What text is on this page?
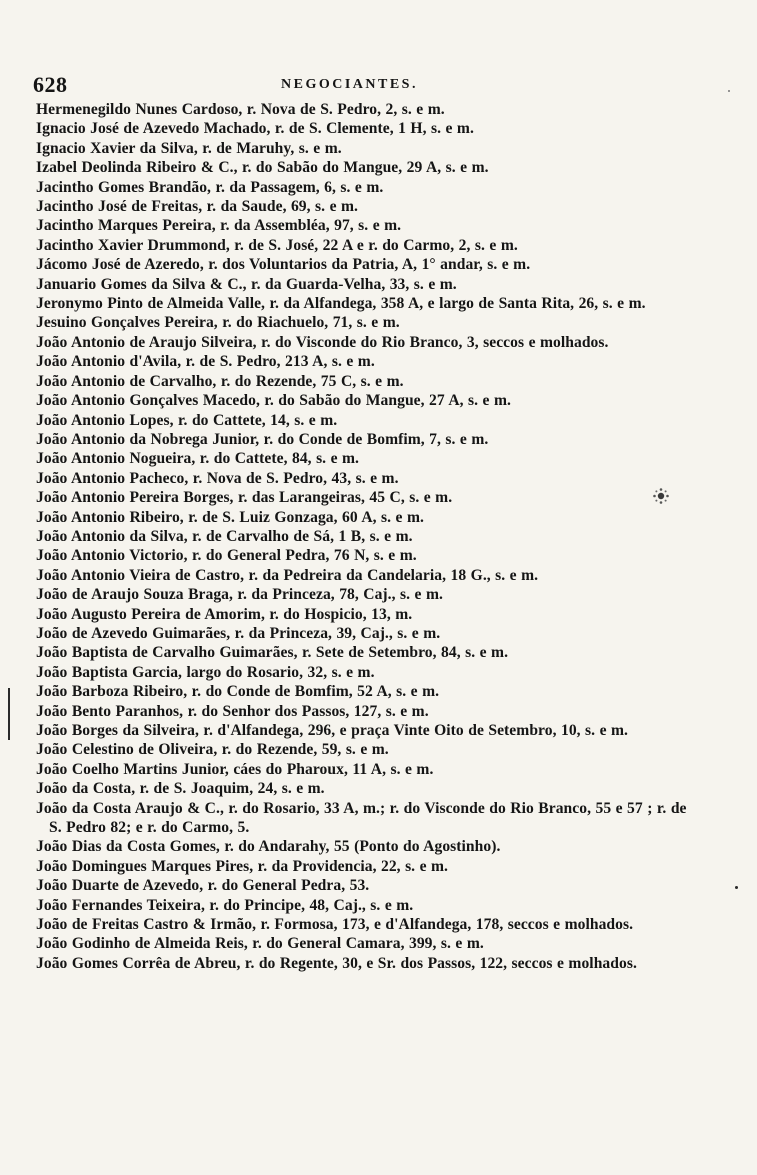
628	NEGOCIANTES.

Hermenegildo Nunes Cardoso, r. Nova de S. Pedro, 2, s. e m.

Ignacio José de Azevedo Machado, r. de S. Clemente, 1 H, s. e m.

Ignacio Xavier da Silva, r. de Maruhy, s. e m.

Izabel Deolinda Ribeiro & C., r. do Sabão do Mangue, 29 A, s. e m.

Jacintho Gomes Brandão, r. da Passagem, 6, s. e m.

Jacintho José de Freitas, r. da Saude, 69, s. e m.

Jacintho Marques Pereira, r. da Assembléa, 97, s. e m.

Jacintho Xavier Drummond, r. de S. José, 22 A e r. do Carmo, 2, s. e m.

Jácomo José de Azeredo, r. dos Voluntarios da Patria, A, 1° andar, s. e m.

Januario Gomes da Silva & C., r. da Guarda-Velha, 33, s. e m.

Jeronymo Pinto de Almeida Valle, r. da Alfandega, 358 A, e largo de Santa Rita, 26, s. e m.

Jesuino Gonçalves Pereira, r. do Riachuelo, 71, s. e m.

João Antonio de Araujo Silveira, r. do Visconde do Rio Branco, 3, seccos e molhados.

João Antonio d'Avila, r. de S. Pedro, 213 A, s. e m.

João Antonio de Carvalho, r. do Rezende, 75 C, s. e m.

João Antonio Gonçalves Macedo, r. do Sabão do Mangue, 27 A, s. e m.

João Antonio Lopes, r. do Cattete, 14, s. e m.

João Antonio da Nobrega Junior, r. do Conde de Bomfim, 7, s. e m.

João Antonio Nogueira, r. do Cattete, 84, s. e m.

João Antonio Pacheco, r. Nova de S. Pedro, 43, s. e m.

João Antonio Pereira Borges, r. das Larangeiras, 45 C, s. e m.

João Antonio Ribeiro, r. de S. Luiz Gonzaga, 60 A, s. e m.

João Antonio da Silva, r. de Carvalho de Sá, 1 B, s. e m.

João Antonio Victorio, r. do General Pedra, 76 N, s. e m.

João Antonio Vieira de Castro, r. da Pedreira da Candelaria, 18 G., s. e m.

João de Araujo Souza Braga, r. da Princeza, 78, Caj., s. e m.

João Augusto Pereira de Amorim, r. do Hospicio, 13, m.

João de Azevedo Guimarães, r. da Princeza, 39, Caj., s. e m.

João Baptista de Carvalho Guimarães, r. Sete de Setembro, 84, s. e m.

João Baptista Garcia, largo do Rosario, 32, s. e m.

João Barboza Ribeiro, r. do Conde de Bomfim, 52 A, s. e m.

João Bento Paranhos, r. do Senhor dos Passos, 127, s. e m.

João Borges da Silveira, r. d'Alfandega, 296, e praça Vinte Oito de Setembro, 10, s. e m.

João Celestino de Oliveira, r. do Rezende, 59, s. e m.

João Coelho Martins Junior, cáes do Pharoux, 11 A, s. e m.

João da Costa, r. de S. Joaquim, 24, s. e m.

João da Costa Araujo & C., r. do Rosario, 33 A, m.; r. do Visconde do Rio Branco, 55 e 57 ; r. de S. Pedro 82; e r. do Carmo, 5.

João Dias da Costa Gomes, r. do Andarahy, 55 (Ponto do Agostinho).

João Domingues Marques Pires, r. da Providencia, 22, s. e m.

João Duarte de Azevedo, r. do General Pedra, 53.

João Fernandes Teixeira, r. do Principe, 48, Caj., s. e m.

João de Freitas Castro & Irmão, r. Formosa, 173, e d'Alfandega, 178, seccos e molhados.

João Godinho de Almeida Reis, r. do General Camara, 399, s. e m.

João Gomes Corrêa de Abreu, r. do Regente, 30, e Sr. dos Passos, 122, seccos e molhados.
